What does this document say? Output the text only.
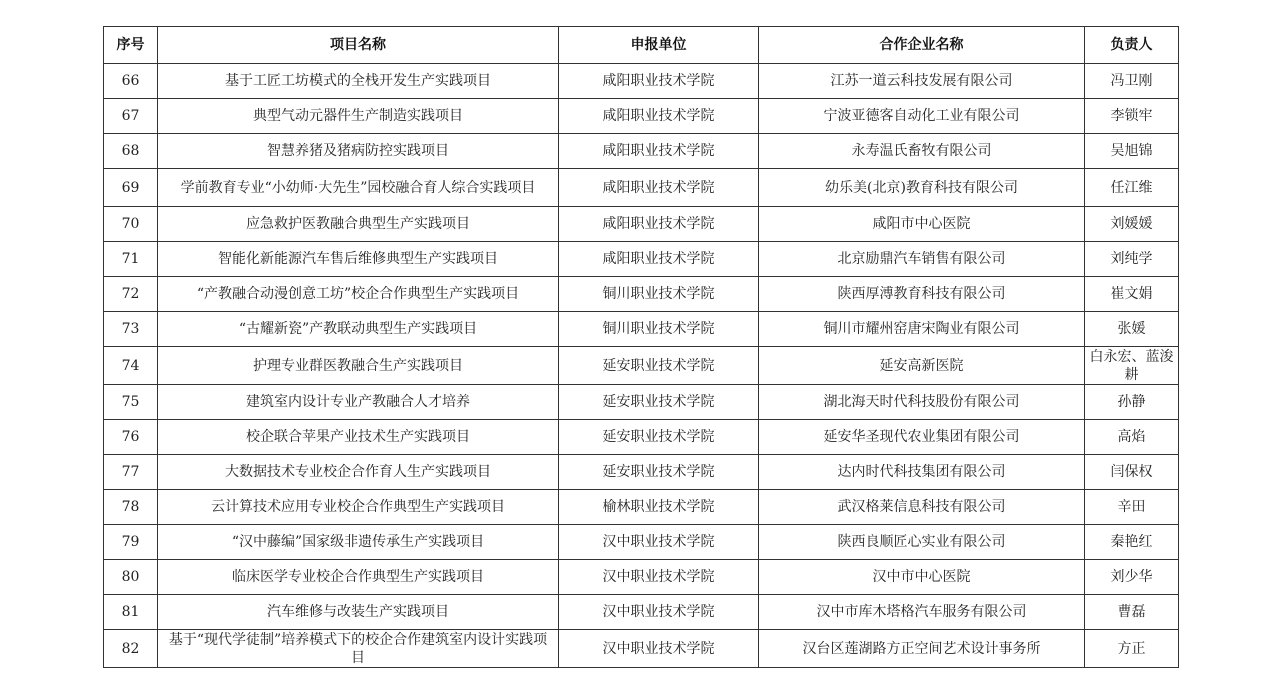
序号	项目名称	申报单位	合作企业名称	负责人
66	基于工匠工坊模式的全栈开发生产实践项目	咸阳职业技术学院	江苏一道云科技发展有限公司	冯卫刚
67	典型气动元器件生产制造实践项目	咸阳职业技术学院	宁波亚德客自动化工业有限公司	李锁牢
68	智慧养猪及猪病防控实践项目	咸阳职业技术学院	永寿温氏畜牧有限公司	吴旭锦
69	学前教育专业“小幼师·大先生”园校融合育人综合实践项目	咸阳职业技术学院	幼乐美(北京)教育科技有限公司	任江维
70	应急救护医教融合典型生产实践项目	咸阳职业技术学院	咸阳市中心医院	刘媛媛
71	智能化新能源汽车售后维修典型生产实践项目	咸阳职业技术学院	北京励鼎汽车销售有限公司	刘纯学
72	“产教融合动漫创意工坊”校企合作典型生产实践项目	铜川职业技术学院	陕西厚溥教育科技有限公司	崔文娟
73	“古耀新瓷”产教联动典型生产实践项目	铜川职业技术学院	铜川市耀州窑唐宋陶业有限公司	张媛
74	护理专业群医教融合生产实践项目	延安职业技术学院	延安高新医院	白永宏、蓝浚耕
75	建筑室内设计专业产教融合人才培养	延安职业技术学院	湖北海天时代科技股份有限公司	孙静
76	校企联合苹果产业技术生产实践项目	延安职业技术学院	延安华圣现代农业集团有限公司	高焰
77	大数据技术专业校企合作育人生产实践项目	延安职业技术学院	达内时代科技集团有限公司	闫保权
78	云计算技术应用专业校企合作典型生产实践项目	榆林职业技术学院	武汉格莱信息科技有限公司	辛田
79	“汉中藤编”国家级非遗传承生产实践项目	汉中职业技术学院	陕西良顺匠心实业有限公司	秦艳红
80	临床医学专业校企合作典型生产实践项目	汉中职业技术学院	汉中市中心医院	刘少华
81	汽车维修与改装生产实践项目	汉中职业技术学院	汉中市库木塔格汽车服务有限公司	曹磊
82	基于“现代学徒制”培养模式下的校企合作建筑室内设计实践项目	汉中职业技术学院	汉台区莲湖路方正空间艺术设计事务所	方正
